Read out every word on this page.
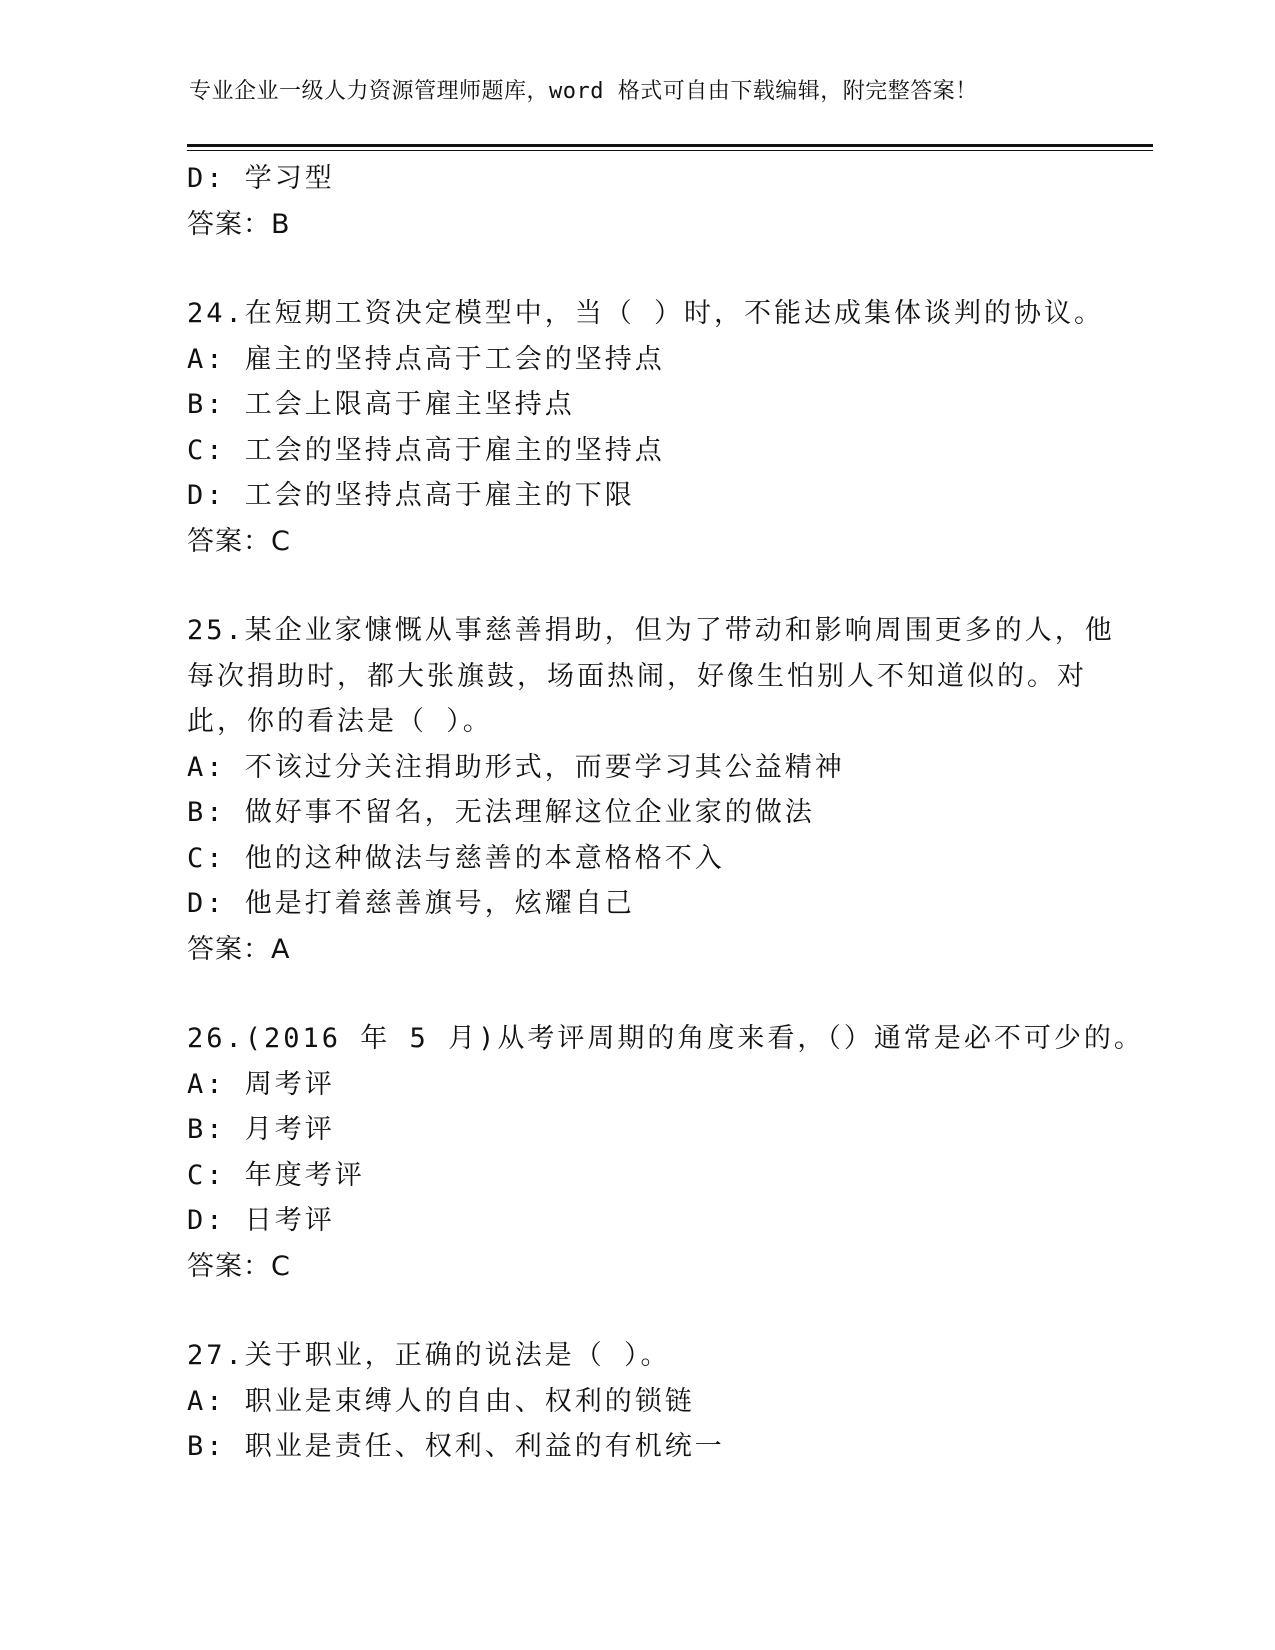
专业企业一级人力资源管理师题库，word 格式可自由下载编辑，附完整答案！
D: 学习型
答案：B
24.在短期工资决定模型中，当（ ）时，不能达成集体谈判的协议。
A: 雇主的坚持点高于工会的坚持点
B: 工会上限高于雇主坚持点
C: 工会的坚持点高于雇主的坚持点
D: 工会的坚持点高于雇主的下限
答案：C
25.某企业家慷慨从事慈善捐助，但为了带动和影响周围更多的人，他
每次捐助时，都大张旗鼓，场面热闹，好像生怕别人不知道似的。对
此，你的看法是（ ）。
A: 不该过分关注捐助形式，而要学习其公益精神
B: 做好事不留名，无法理解这位企业家的做法
C: 他的这种做法与慈善的本意格格不入
D: 他是打着慈善旗号，炫耀自己
答案：A
26.(2016 年 5 月)从考评周期的角度来看，（）通常是必不可少的。
A: 周考评
B: 月考评
C: 年度考评
D: 日考评
答案：C
27.关于职业，正确的说法是（ ）。
A: 职业是束缚人的自由、权利的锁链
B: 职业是责任、权利、利益的有机统一
